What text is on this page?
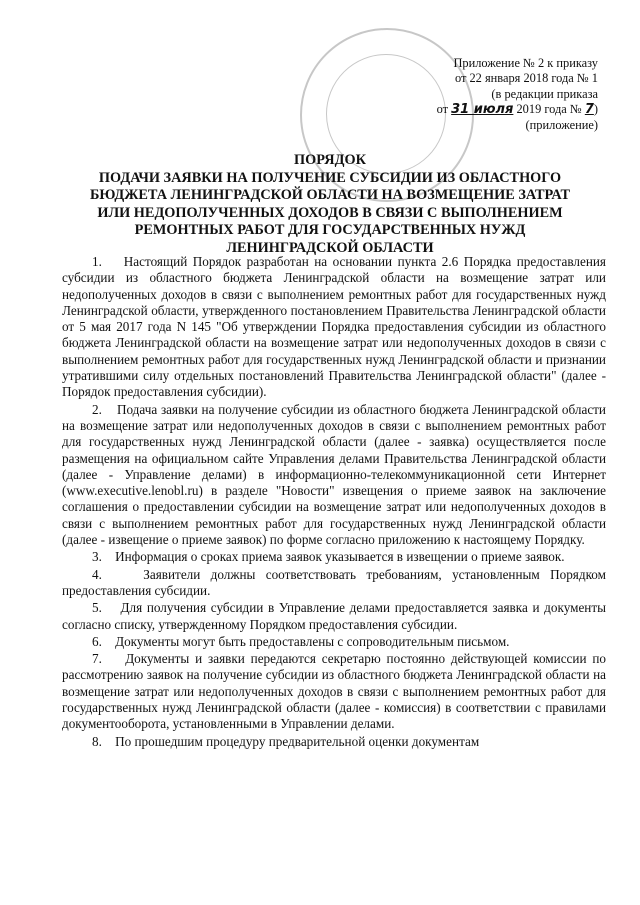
Приложение № 2 к приказу
от 22 января 2018 года № 1
(в редакции приказа
от 31 июля 2019 года № 7)
(приложение)
ПОРЯДОК
ПОДАЧИ ЗАЯВКИ НА ПОЛУЧЕНИЕ СУБСИДИИ ИЗ ОБЛАСТНОГО
БЮДЖЕТА ЛЕНИНГРАДСКОЙ ОБЛАСТИ НА ВОЗМЕЩЕНИЕ ЗАТРАТ
ИЛИ НЕДОПОЛУЧЕННЫХ ДОХОДОВ В СВЯЗИ С ВЫПОЛНЕНИЕМ
РЕМОНТНЫХ РАБОТ ДЛЯ ГОСУДАРСТВЕННЫХ НУЖД
ЛЕНИНГРАДСКОЙ ОБЛАСТИ

1.    Настоящий Порядок разработан на основании пункта 2.6 Порядка предоставления субсидии из областного бюджета Ленинградской области на возмещение затрат или недополученных доходов в связи с выполнением ремонтных работ для государственных нужд Ленинградской области, утвержденного постановлением Правительства Ленинградской области от 5 мая 2017 года N 145 "Об утверждении Порядка предоставления субсидии из областного бюджета Ленинградской области на возмещение затрат или недополученных доходов в связи с выполнением ремонтных работ для государственных нужд Ленинградской области и признании утратившими силу отдельных постановлений Правительства Ленинградской области" (далее - Порядок предоставления субсидии).

2.    Подача заявки на получение субсидии из областного бюджета Ленинградской области на возмещение затрат или недополученных доходов в связи с выполнением ремонтных работ для государственных нужд Ленинградской области (далее - заявка) осуществляется после размещения на официальном сайте Управления делами Правительства Ленинградской области (далее - Управление делами) в информационно-телекоммуникационной сети Интернет (www.executive.lenobl.ru) в разделе "Новости" извещения о приеме заявок на заключение соглашения о предоставлении субсидии на возмещение затрат или недополученных доходов в связи с выполнением ремонтных работ для государственных нужд Ленинградской области (далее - извещение о приеме заявок) по форме согласно приложению к настоящему Порядку.

3.    Информация о сроках приема заявок указывается в извещении о приеме заявок.

4.    Заявители должны соответствовать требованиям, установленным Порядком предоставления субсидии.

5.    Для получения субсидии в Управление делами предоставляется заявка и документы согласно списку, утвержденному Порядком предоставления субсидии.

6.    Документы могут быть предоставлены с сопроводительным письмом.

7.    Документы и заявки передаются секретарю постоянно действующей комиссии по рассмотрению заявок на получение субсидии из областного бюджета Ленинградской области на возмещение затрат или недополученных доходов в связи с выполнением ремонтных работ для государственных нужд Ленинградской области (далее - комиссия) в соответствии с правилами документооборота, установленными в Управлении делами.

8.    По прошедшим процедуру предварительной оценки документам
